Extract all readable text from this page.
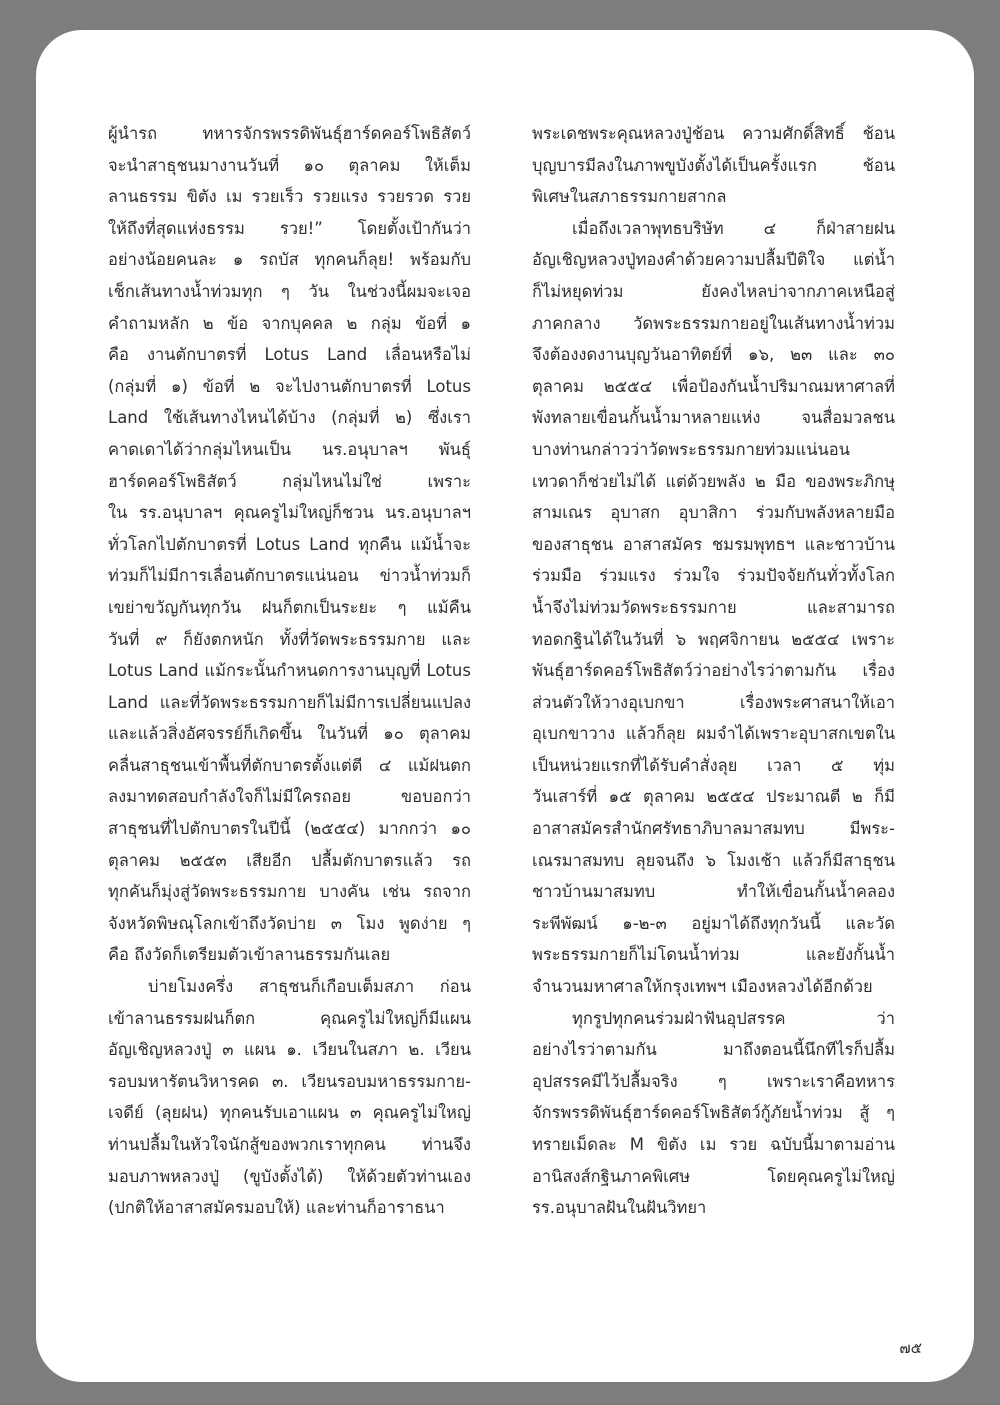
ผู้นำรถ ทหารจักรพรรดิพันธุ์ฮาร์ดคอร์โพธิสัตว์
จะนำสาธุชนมางานวันที่ ๑๐ ตุลาคม ให้เต็ม
ลานธรรม ขิตัง เม รวยเร็ว รวยแรง รวยรวด รวย
ให้ถึงที่สุดแห่งธรรม รวย!” โดยตั้งเป้ากันว่า
อย่างน้อยคนละ ๑ รถบัส ทุกคนก็ลุย! พร้อมกับ
เช็กเส้นทางน้ำท่วมทุก ๆ วัน ในช่วงนี้ผมจะเจอ
คำถามหลัก ๒ ข้อ จากบุคคล ๒ กลุ่ม ข้อที่ ๑
คือ งานตักบาตรที่ Lotus Land เลื่อนหรือไม่
(กลุ่มที่ ๑) ข้อที่ ๒ จะไปงานตักบาตรที่ Lotus
Land ใช้เส้นทางไหนได้บ้าง (กลุ่มที่ ๒) ซึ่งเรา
คาดเดาได้ว่ากลุ่มไหนเป็น นร.อนุบาลฯ พันธุ์
ฮาร์ดคอร์โพธิสัตว์ กลุ่มไหนไม่ใช่ เพราะ
ใน รร.อนุบาลฯ คุณครูไม่ใหญ่ก็ชวน นร.อนุบาลฯ
ทั่วโลกไปตักบาตรที่ Lotus Land ทุกคืน แม้น้ำจะ
ท่วมก็ไม่มีการเลื่อนตักบาตรแน่นอน ข่าวน้ำท่วมก็
เขย่าขวัญกันทุกวัน ฝนก็ตกเป็นระยะ ๆ แม้คืน
วันที่ ๙ ก็ยังตกหนัก ทั้งที่วัดพระธรรมกาย และ
Lotus Land แม้กระนั้นกำหนดการงานบุญที่ Lotus
Land และที่วัดพระธรรมกายก็ไม่มีการเปลี่ยนแปลง
และแล้วสิ่งอัศจรรย์ก็เกิดขึ้น ในวันที่ ๑๐ ตุลาคม
คลื่นสาธุชนเข้าพื้นที่ตักบาตรตั้งแต่ตี ๔ แม้ฝนตก
ลงมาทดสอบกำลังใจก็ไม่มีใครถอย ขอบอกว่า
สาธุชนที่ไปตักบาตรในปีนี้ (๒๕๕๔) มากกว่า ๑๐
ตุลาคม ๒๕๕๓ เสียอีก ปลื้มตักบาตรแล้ว รถ
ทุกคันก็มุ่งสู่วัดพระธรรมกาย บางคัน เช่น รถจาก
จังหวัดพิษณุโลกเข้าถึงวัดบ่าย ๓ โมง พูดง่าย ๆ
คือ ถึงวัดก็เตรียมตัวเข้าลานธรรมกันเลย
บ่ายโมงครึ่ง สาธุชนก็เกือบเต็มสภา ก่อน
เข้าลานธรรมฝนก็ตก คุณครูไม่ใหญ่ก็มีแผน
อัญเชิญหลวงปู่ ๓ แผน ๑. เวียนในสภา ๒. เวียน
รอบมหารัตนวิหารคด ๓. เวียนรอบมหาธรรมกาย-
เจดีย์ (ลุยฝน) ทุกคนรับเอาแผน ๓ คุณครูไม่ใหญ่
ท่านปลื้มในหัวใจนักสู้ของพวกเราทุกคน ท่านจึง
มอบภาพหลวงปู่ (ขูบังตั้งได้) ให้ด้วยตัวท่านเอง
(ปกติให้อาสาสมัครมอบให้) และท่านก็อาราธนา
พระเดชพระคุณหลวงปู่ช้อน ความศักดิ์สิทธิ์ ช้อน
บุญบารมีลงในภาพขูบังตั้งได้เป็นครั้งแรก ช้อน
พิเศษในสภาธรรมกายสากล
เมื่อถึงเวลาพุทธบริษัท ๔ ก็ฝ่าสายฝน
อัญเชิญหลวงปู่ทองคำด้วยความปลื้มปีติใจ แต่น้ำ
ก็ไม่หยุดท่วม ยังคงไหลบ่าจากภาคเหนือสู่
ภาคกลาง วัดพระธรรมกายอยู่ในเส้นทางน้ำท่วม
จึงต้องงดงานบุญวันอาทิตย์ที่ ๑๖, ๒๓ และ ๓๐
ตุลาคม ๒๕๕๔ เพื่อป้องกันน้ำปริมาณมหาศาลที่
พังทลายเขื่อนกั้นน้ำมาหลายแห่ง จนสื่อมวลชน
บางท่านกล่าวว่าวัดพระธรรมกายท่วมแน่นอน
เทวดาก็ช่วยไม่ได้ แต่ด้วยพลัง ๒ มือ ของพระภิกษุ
สามเณร อุบาสก อุบาสิกา ร่วมกับพลังหลายมือ
ของสาธุชน อาสาสมัคร ชมรมพุทธฯ และชาวบ้าน
ร่วมมือ ร่วมแรง ร่วมใจ ร่วมปัจจัยกันทั่วทั้งโลก
น้ำจึงไม่ท่วมวัดพระธรรมกาย และสามารถ
ทอดกฐินได้ในวันที่ ๖ พฤศจิกายน ๒๕๕๔ เพราะ
พันธุ์ฮาร์ดคอร์โพธิสัตว์ว่าอย่างไรว่าตามกัน เรื่อง
ส่วนตัวให้วางอุเบกขา เรื่องพระศาสนาให้เอา
อุเบกขาวาง แล้วก็ลุย ผมจำได้เพราะอุบาสกเขตใน
เป็นหน่วยแรกที่ได้รับคำสั่งลุย เวลา ๕ ทุ่ม
วันเสาร์ที่ ๑๕ ตุลาคม ๒๕๕๔ ประมาณตี ๒ ก็มี
อาสาสมัครสำนักศรัทธาภิบาลมาสมทบ มีพระ-
เณรมาสมทบ ลุยจนถึง ๖ โมงเช้า แล้วก็มีสาธุชน
ชาวบ้านมาสมทบ ทำให้เขื่อนกั้นน้ำคลอง
ระพีพัฒน์ ๑-๒-๓ อยู่มาได้ถึงทุกวันนี้ และวัด
พระธรรมกายก็ไม่โดนน้ำท่วม และยังกั้นน้ำ
จำนวนมหาศาลให้กรุงเทพฯ เมืองหลวงได้อีกด้วย
ทุกรูปทุกคนร่วมฝ่าฟันอุปสรรค ว่า
อย่างไรว่าตามกัน มาถึงตอนนี้นึกทีไรก็ปลื้ม
อุปสรรคมีไว้ปลื้มจริง ๆ เพราะเราคือทหาร
จักรพรรดิพันธุ์ฮาร์ดคอร์โพธิสัตว์กู้ภัยน้ำท่วม สู้ ๆ
ทรายเม็ดละ M ขิตัง เม รวย ฉบับนี้มาตามอ่าน
อานิสงส์กฐินภาคพิเศษ โดยคุณครูไม่ใหญ่
รร.อนุบาลฝันในฝันวิทยา
๗๕
